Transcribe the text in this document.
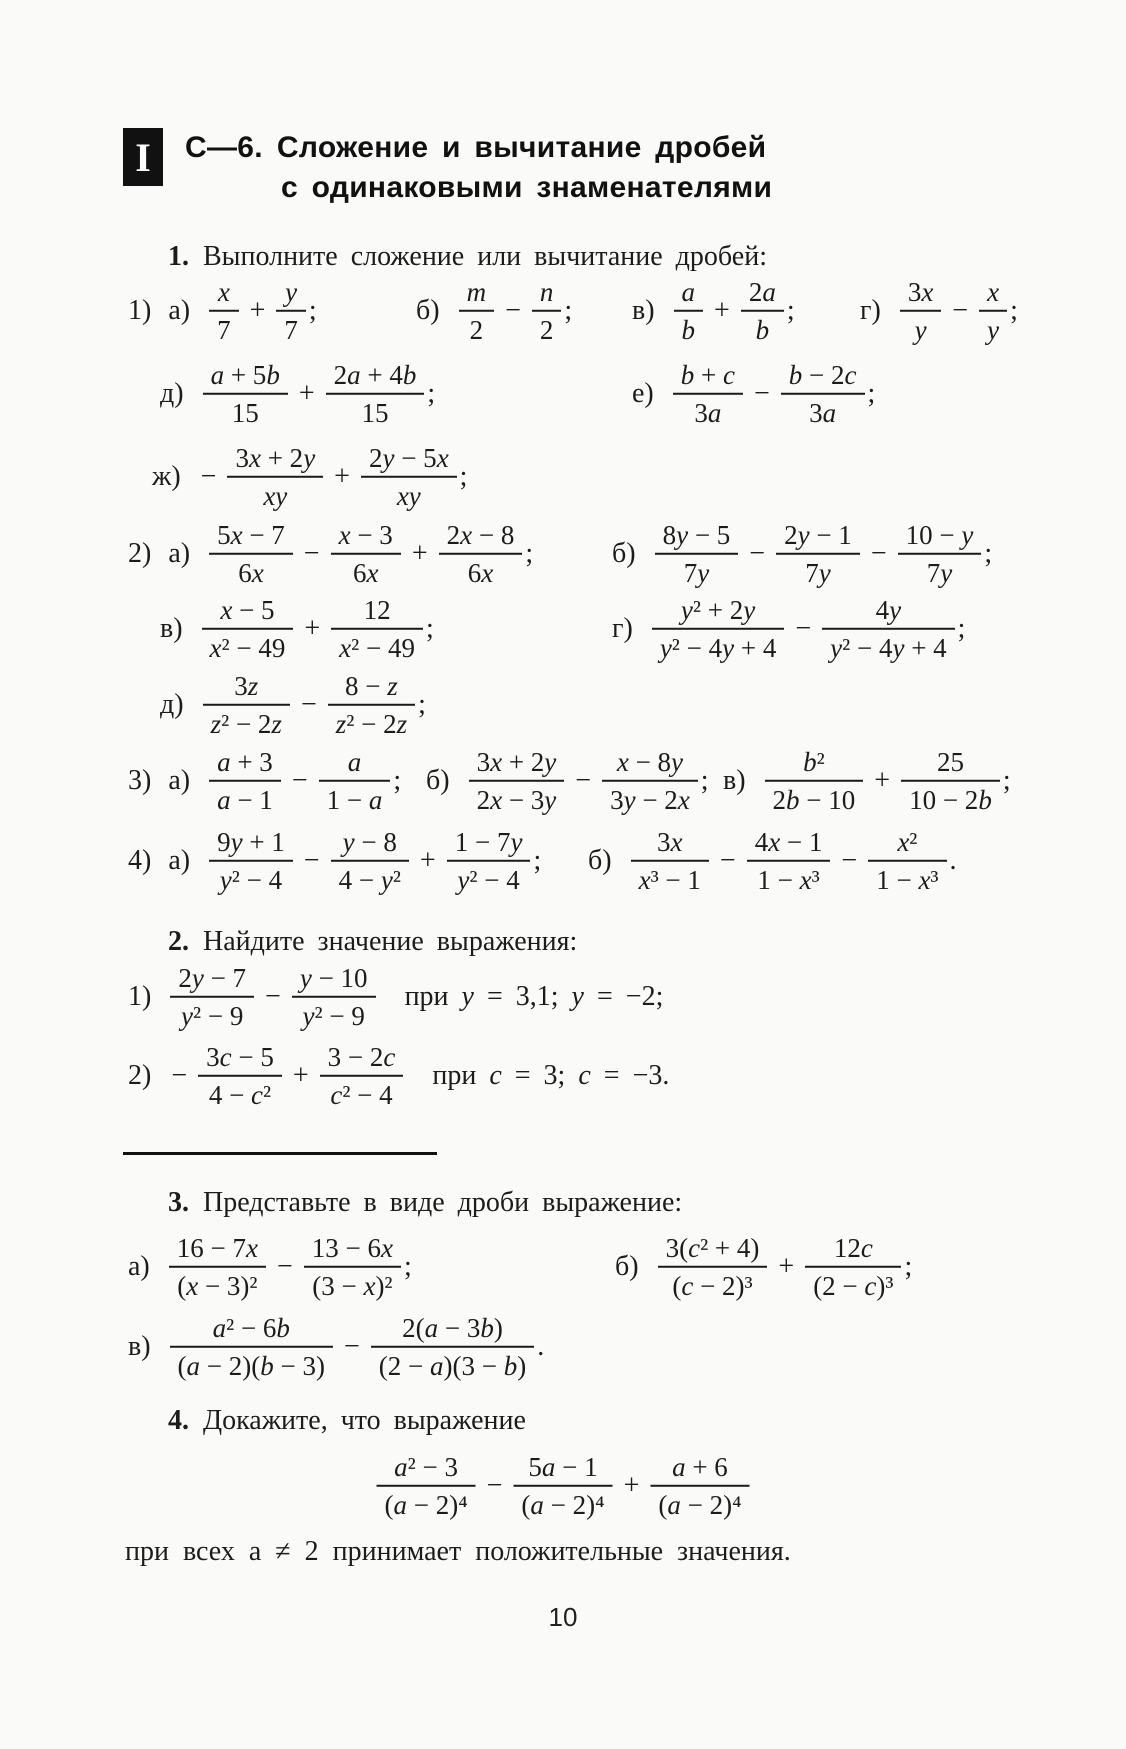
I С—6. Сложение и вычитание дробей
с одинаковыми знаменателями
1. Выполните сложение или вычитание дробей:
1) $а) \frac{x}{7} + \frac{y}{7}$ ;	$б) \frac{m}{2} - \frac{n}{2}$ ; $в) \frac{a}{b} + \frac{2a}{b}$ ; $г) \frac{3x}{y} - \frac{x}{y}$ ;
$д) \frac{a + 5b}{15} + \frac{2a + 4b}{15}$ ;	$е) \frac{b + c}{3a} - \frac{b - 2c}{3a}$ ;
$ж) - \frac{3x + 2y}{xy} + \frac{2y - 5x}{xy}$ ;
2) $а) \frac{5x - 7}{6x} - \frac{x - 3}{6x} + \frac{2x - 8}{6x}$ ;	$б) \frac{8y - 5}{7y} - \frac{2y - 1}{7y} - \frac{10 - y}{7y}$ ;
$в) \frac{x - 5}{\text{x² − 49}} + \frac{12}{\text{x² − 49}}$ ;	$г) \frac{\text{y² + 2y}}{\text{y² − 4y + 4}} - \frac{4y}{\text{y² − 4y + 4}}$ ;
$д) \frac{3z}{\text{z² − 2z}} - \frac{8 - z}{\text{z² − 2z}}$ ;
3) $а) \frac{a + 3}{a - 1} - \frac{a}{1 - a}$ ; $б) \frac{3x + 2y}{2x - 3y} - \frac{x - 8y}{3y - 2x}$ ; $в) \frac{\text{b²}}{2b - 10} + \frac{25}{10 - 2b}$ ;
4) $а) \frac{9y + 1}{\text{y² − 4}} - \frac{y - 8}{\text{4 − y²}} + \frac{1 - 7y}{\text{y² − 4}}$ ; $б) \frac{3x}{\text{x³ − 1}} - \frac{4x - 1}{\text{1 − x³}} - \frac{\text{x²}}{\text{1 − x³}}$ .
2. Найдите значение выражения:
$1) \frac{2y - 7}{\text{y² − 9}} - \frac{y - 10}{\text{y² − 9}}$ при y = 3,1; y = −2;
$2) - \frac{3c - 5}{\text{4 − c²}} + \frac{3 - 2c}{\text{c² − 4}}$ при c = 3; c = −3.
3. Представьте в виде дроби выражение:
$а) \frac{16 - 7x}{\text{(x − 3)²}} - \frac{13 - 6x}{\text{(3 − x)²}}$ ;	$б) \frac{\text{3(c² + 4)}}{\text{(c − 2)³}} + \frac{12c}{\text{(2 − c)³}}$ ;
$в) \frac{\text{a² − 6b}}{(a - 2)(b - 3)} - \frac{2(a - 3b)}{(2 - a)(3 - b)}$ .
4. Докажите, что выражение
$\frac{\text{a² − 3}}{\text{(a − 2)⁴}} - \frac{5a - 1}{\text{(a − 2)⁴}} + \frac{a + 6}{\text{(a − 2)⁴}}$
при всех a ≠ 2 принимает положительные значения.
10
